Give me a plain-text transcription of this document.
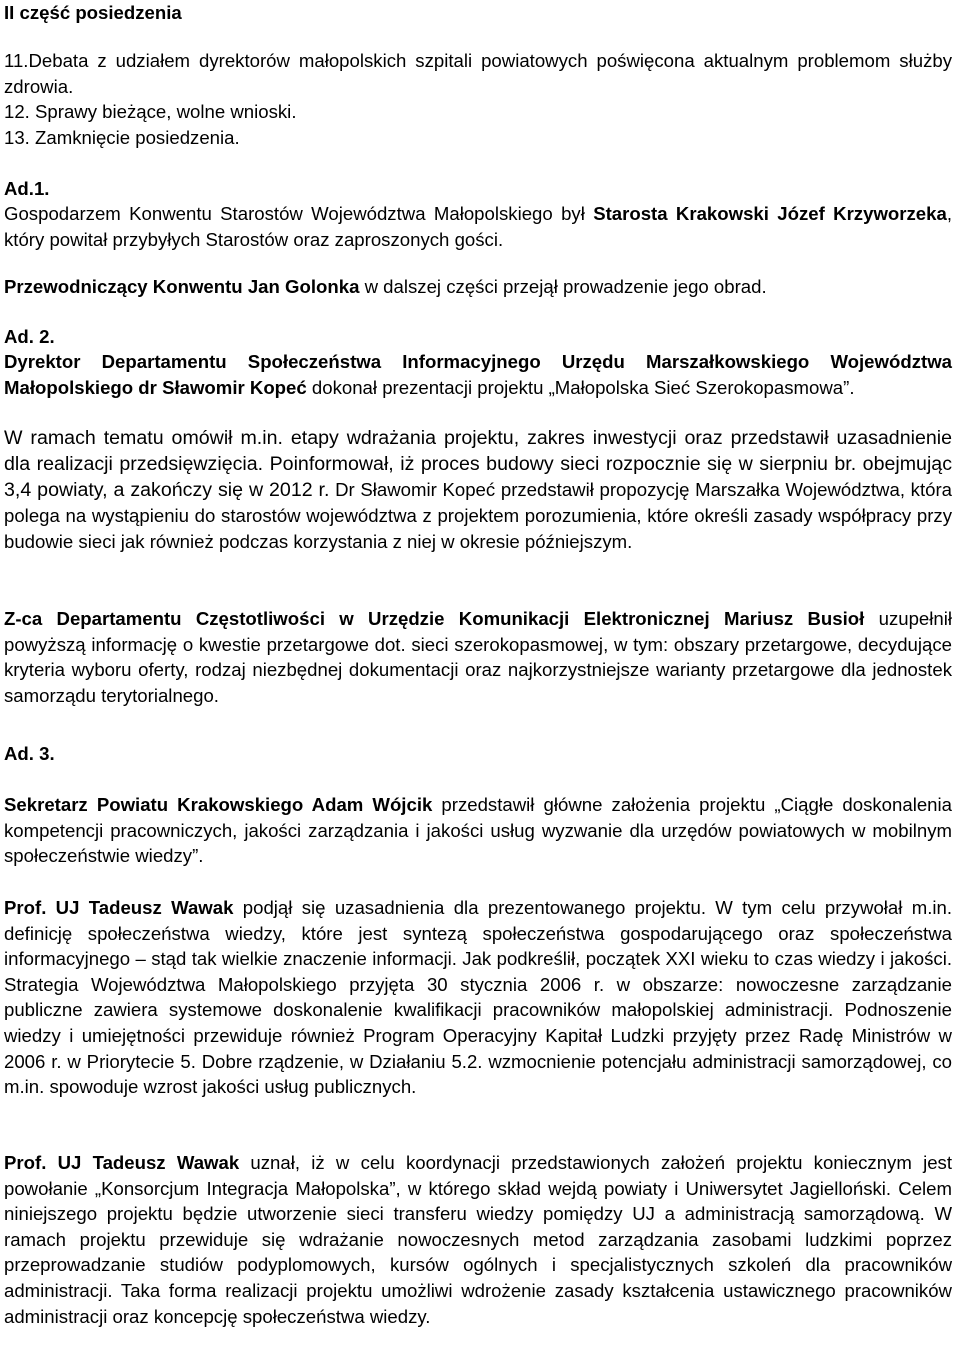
II część posiedzenia

11.Debata z udziałem dyrektorów małopolskich szpitali powiatowych poświęcona aktualnym problemom służby zdrowia.

12. Sprawy bieżące, wolne wnioski.

13. Zamknięcie posiedzenia.

Ad.1.

Gospodarzem Konwentu Starostów Województwa Małopolskiego był Starosta Krakowski Józef Krzyworzeka, który powitał przybyłych Starostów oraz zaproszonych gości.

Przewodniczący Konwentu Jan Golonka w dalszej części przejął prowadzenie jego obrad.

Ad. 2.

Dyrektor Departamentu Społeczeństwa Informacyjnego Urzędu Marszałkowskiego Województwa Małopolskiego dr Sławomir Kopeć dokonał prezentacji projektu „Małopolska Sieć Szerokopasmowa”.

W ramach tematu omówił m.in. etapy wdrażania projektu, zakres inwestycji oraz przedstawił uzasadnienie dla realizacji przedsięwzięcia. Poinformował, iż proces budowy sieci rozpocznie się w sierpniu br. obejmując 3,4 powiaty, a zakończy się w 2012 r. Dr Sławomir Kopeć przedstawił propozycję Marszałka Województwa, która polega na wystąpieniu do starostów województwa z projektem porozumienia, które określi zasady współpracy przy budowie sieci jak również podczas korzystania z niej w okresie późniejszym.

Z-ca Departamentu Częstotliwości w Urzędzie Komunikacji Elektronicznej Mariusz Busioł uzupełnił powyższą informację o kwestie przetargowe dot. sieci szerokopasmowej, w tym: obszary przetargowe, decydujące kryteria wyboru oferty, rodzaj niezbędnej dokumentacji oraz najkorzystniejsze warianty przetargowe dla jednostek samorządu terytorialnego.

Ad. 3.

Sekretarz Powiatu Krakowskiego Adam Wójcik przedstawił główne założenia projektu „Ciągłe doskonalenia kompetencji pracowniczych, jakości zarządzania i jakości usług wyzwanie dla urzędów powiatowych w mobilnym społeczeństwie wiedzy”.

Prof. UJ Tadeusz Wawak podjął się uzasadnienia dla prezentowanego projektu. W tym celu przywołał m.in. definicję społeczeństwa wiedzy, które jest syntezą społeczeństwa gospodarującego oraz społeczeństwa informacyjnego – stąd tak wielkie znaczenie informacji. Jak podkreślił, początek XXI wieku to czas wiedzy i jakości. Strategia Województwa Małopolskiego przyjęta 30 stycznia 2006 r. w obszarze: nowoczesne zarządzanie publiczne zawiera systemowe doskonalenie kwalifikacji pracowników małopolskiej administracji. Podnoszenie wiedzy i umiejętności przewiduje również Program Operacyjny Kapitał Ludzki przyjęty przez Radę Ministrów w 2006 r. w Priorytecie 5. Dobre rządzenie, w Działaniu 5.2. wzmocnienie potencjału administracji samorządowej, co m.in. spowoduje wzrost jakości usług publicznych.

Prof. UJ Tadeusz Wawak uznał, iż w celu koordynacji przedstawionych założeń projektu koniecznym jest powołanie „Konsorcjum Integracja Małopolska”, w którego skład wejdą powiaty i Uniwersytet Jagielloński. Celem niniejszego projektu będzie utworzenie sieci transferu wiedzy pomiędzy UJ a administracją samorządową. W ramach projektu przewiduje się wdrażanie nowoczesnych metod zarządzania zasobami ludzkimi poprzez przeprowadzanie studiów podyplomowych, kursów ogólnych i specjalistycznych szkoleń dla pracowników administracji. Taka forma realizacji projektu umożliwi wdrożenie zasady kształcenia ustawicznego pracowników administracji oraz koncepcję społeczeństwa wiedzy.
